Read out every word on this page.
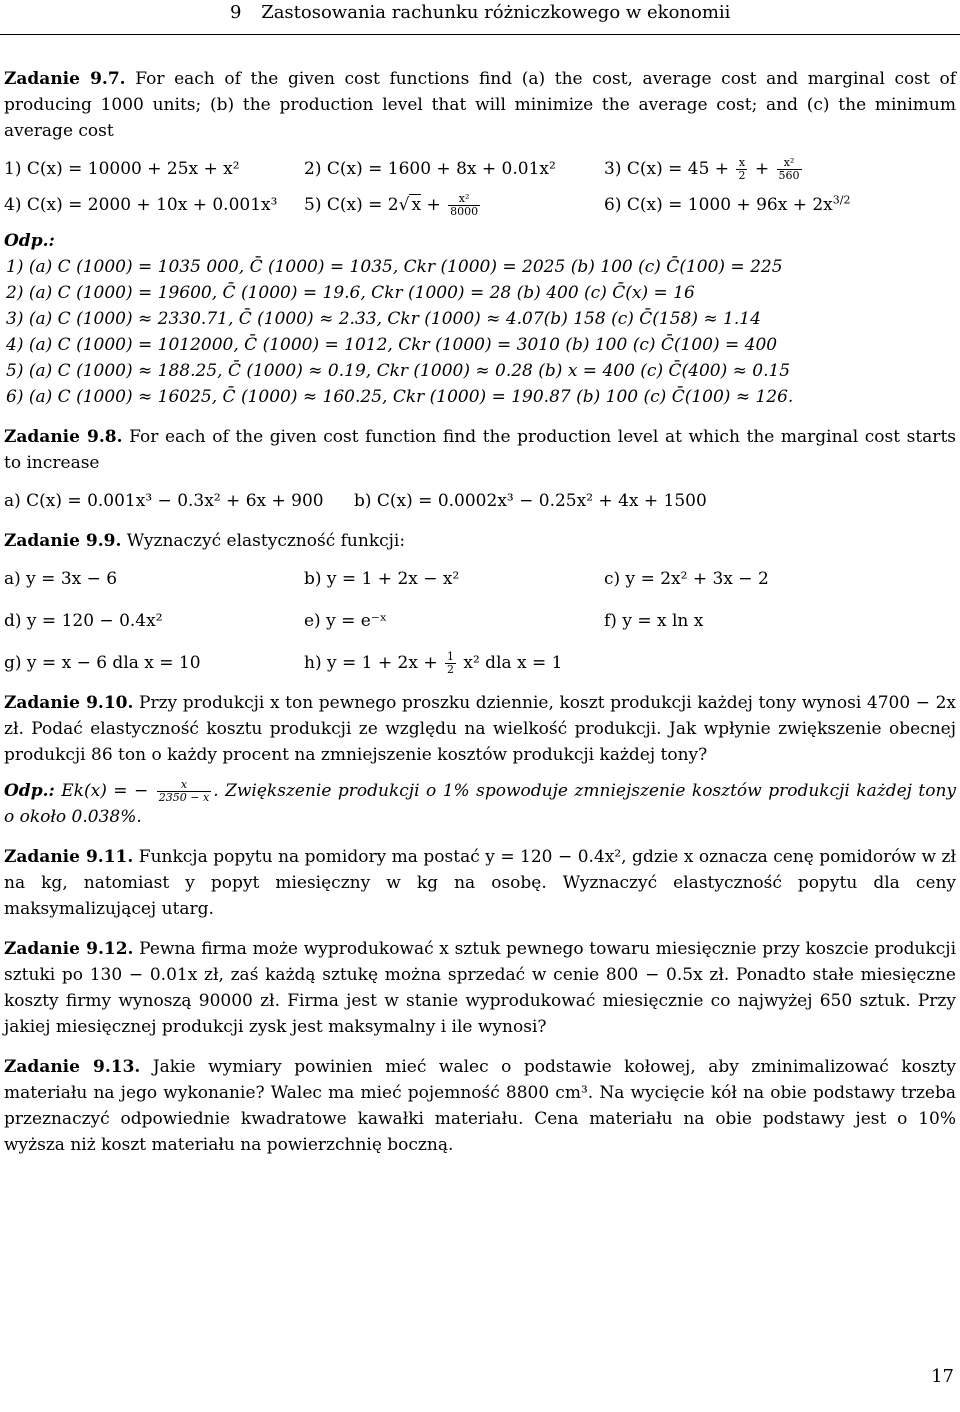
9 Zastosowania rachunku różniczkowego w ekonomii

Zadanie 9.7. For each of the given cost functions find (a) the cost, average cost and marginal cost of producing 1000 units; (b) the production level that will minimize the average cost; and (c) the minimum average cost

1) C(x) = 10000 + 25x + x²	2) C(x) = 1600 + 8x + 0.01x²	3) $C(x) = 45 + \frac{x}{2} + \frac{\text{x²}}{560}$
4) C(x) = 2000 + 10x + 0.001x³	5) C(x) = 2√ $x + \frac{\text{x²}}{8000}$	6) $C(x) = 1000 + 96x + 2x^{3/2}$

Odp.:

1) (a) C (1000) = 1035 000, C̄ (1000) = 1035, Ckr (1000) = 2025 (b) 100 (c) C̄(100) = 225

2) (a) C (1000) = 19600, C̄ (1000) = 19.6, Ckr (1000) = 28 (b) 400 (c) C̄(x) = 16

3) (a) C (1000) ≈ 2330.71, C̄ (1000) ≈ 2.33, Ckr (1000) ≈ 4.07(b) 158 (c) C̄(158) ≈ 1.14

4) (a) C (1000) = 1012000, C̄ (1000) = 1012, Ckr (1000) = 3010 (b) 100 (c) C̄(100) = 400

5) (a) C (1000) ≈ 188.25, C̄ (1000) ≈ 0.19, Ckr (1000) ≈ 0.28 (b) x = 400 (c) C̄(400) ≈ 0.15

6) (a) C (1000) ≈ 16025, C̄ (1000) ≈ 160.25, Ckr (1000) = 190.87 (b) 100 (c) C̄(100) ≈ 126.

Zadanie 9.8. For each of the given cost function find the production level at which the marginal cost starts to increase

a) C(x) = 0.001x³ − 0.3x² + 6x + 900	b) C(x) = 0.0002x³ − 0.25x² + 4x + 1500

Zadanie 9.9. Wyznaczyć elastyczność funkcji:

a) y = 3x − 6	b) y = 1 + 2x − x²	c) y = 2x² + 3x − 2
d) y = 120 − 0.4x²	e) y = e⁻ˣ	f) y = x ln x
g) y = x − 6 dla x = 10	h) $y = 1 + 2x + \frac{1}{2} x^2$ dla x = 1

Zadanie 9.10. Przy produkcji x ton pewnego proszku dziennie, koszt produkcji każdej tony wynosi 4700 − 2x zł. Podać elastyczność kosztu produkcji ze względu na wielkość produkcji. Jak wpłynie zwiększenie obecnej produkcji 86 ton o każdy procent na zmniejszenie kosztów produkcji każdej tony?

Odp.: Ek(x) = − $\frac{x}{2350 - x}$ . Zwiększenie produkcji o 1% spowoduje zmniejszenie kosztów produkcji każdej tony o około 0.038%.

Zadanie 9.11. Funkcja popytu na pomidory ma postać y = 120 − 0.4x², gdzie x oznacza cenę pomidorów w zł na kg, natomiast y popyt miesięczny w kg na osobę. Wyznaczyć elastyczność popytu dla ceny maksymalizującej utarg.

Zadanie 9.12. Pewna firma może wyprodukować x sztuk pewnego towaru miesięcznie przy koszcie produkcji sztuki po 130 − 0.01x zł, zaś każdą sztukę można sprzedać w cenie 800 − 0.5x zł. Ponadto stałe miesięczne koszty firmy wynoszą 90000 zł. Firma jest w stanie wyprodukować miesięcznie co najwyżej 650 sztuk. Przy jakiej miesięcznej produkcji zysk jest maksymalny i ile wynosi?

Zadanie 9.13. Jakie wymiary powinien mieć walec o podstawie kołowej, aby zminimalizować koszty materiału na jego wykonanie? Walec ma mieć pojemność 8800 cm³. Na wycięcie kół na obie podstawy trzeba przeznaczyć odpowiednie kwadratowe kawałki materiału. Cena materiału na obie podstawy jest o 10% wyższa niż koszt materiału na powierzchnię boczną.

17
